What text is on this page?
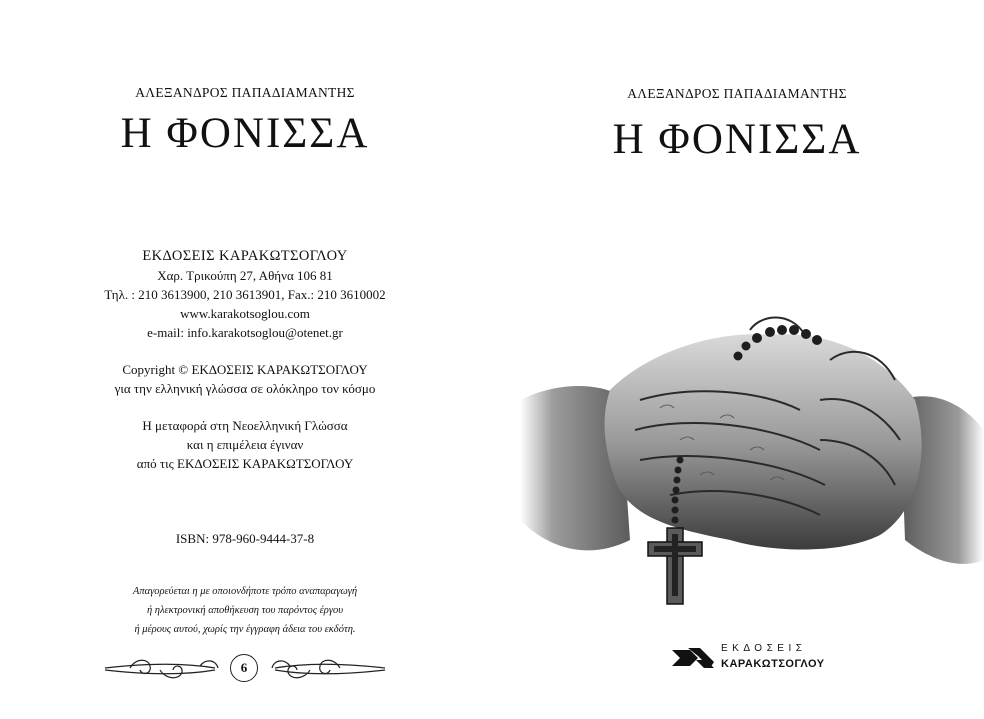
ΑΛΕΞΑΝΔΡΟΣ ΠΑΠΑΔΙΑΜΑΝΤΗΣ
Η ΦΟΝΙΣΣΑ
ΕΚΔΟΣΕΙΣ ΚΑΡΑΚΩΤΣΟΓΛΟΥ
Χαρ. Τρικούπη 27, Αθήνα 106 81
Τηλ. : 210 3613900, 210 3613901, Fax.: 210 3610002
www.karakotsoglou.com
e-mail: info.karakotsoglou@otenet.gr
Copyright © ΕΚΔΟΣΕΙΣ ΚΑΡΑΚΩΤΣΟΓΛΟΥ
για την ελληνική γλώσσα σε ολόκληρο τον κόσμο
Η μεταφορά στη Νεοελληνική Γλώσσα
και η επιμέλεια έγιναν
από τις ΕΚΔΟΣΕΙΣ ΚΑΡΑΚΩΤΣΟΓΛΟΥ
ISBN: 978-960-9444-37-8
Απαγορεύεται η με οποιονδήποτε τρόπο αναπαραγωγή
ή ηλεκτρονική αποθήκευση του παρόντος έργου
ή μέρους αυτού, χωρίς την έγγραφη άδεια του εκδότη.
6
ΑΛΕΞΑΝΔΡΟΣ ΠΑΠΑΔΙΑΜΑΝΤΗΣ
Η ΦΟΝΙΣΣΑ
ΕΚΔΟΣΕΙΣ
ΚΑΡΑΚΩΤΣΟΓΛΟΥ
